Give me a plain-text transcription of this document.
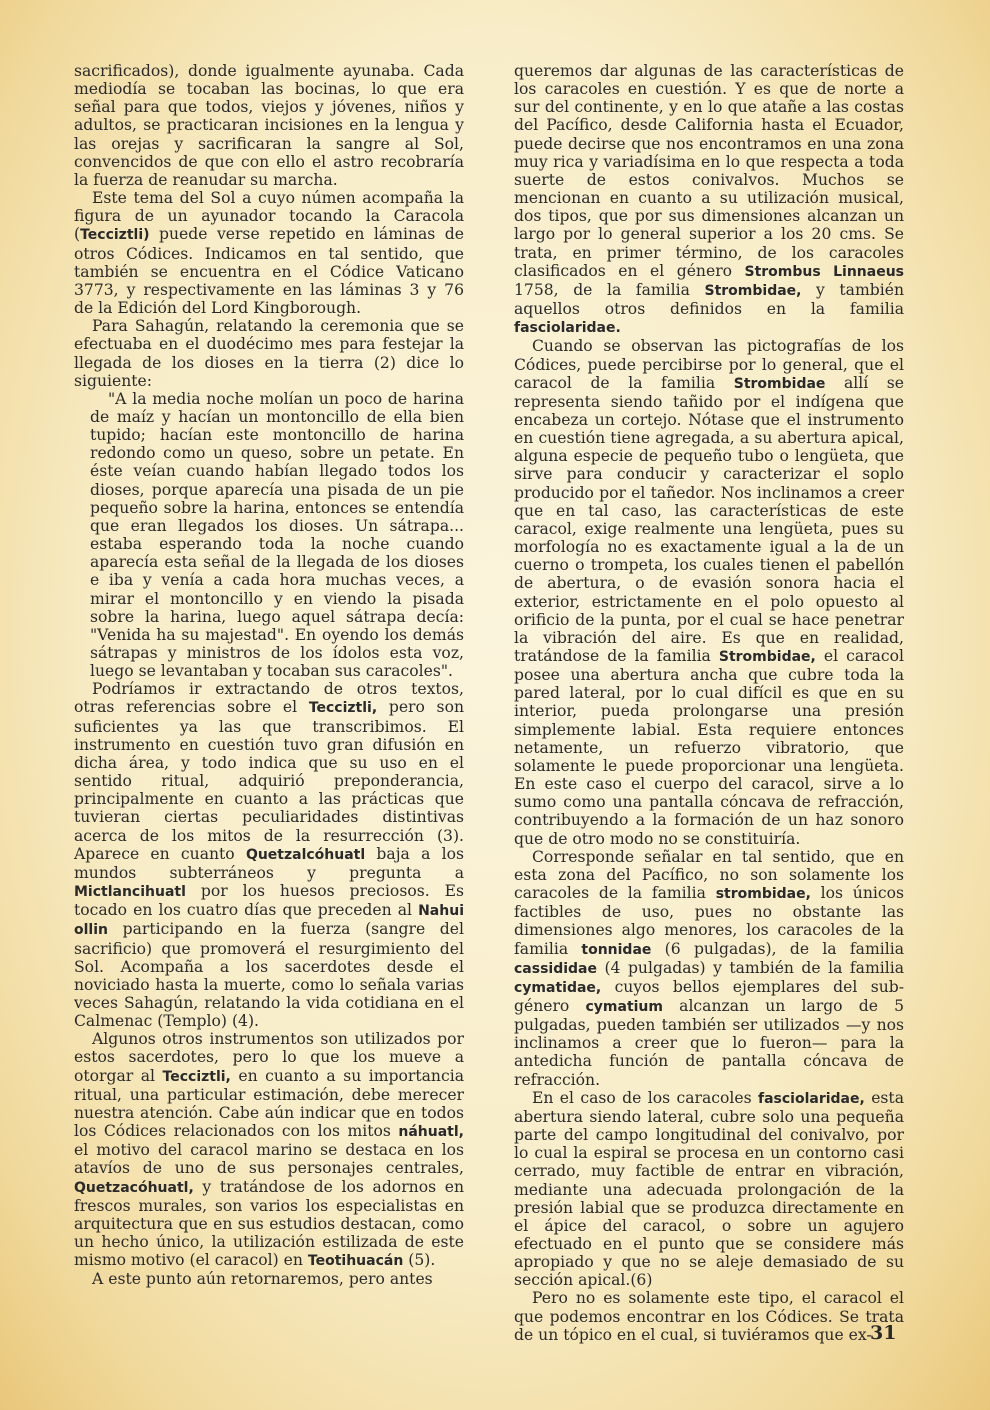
sacrificados), donde igualmente ayunaba. Cada mediodía se tocaban las bocinas, lo que era señal para que todos, viejos y jóvenes, niños y adultos, se practicaran incisiones en la lengua y las orejas y sacrificaran la sangre al Sol, convencidos de que con ello el astro recobraría la fuerza de reanudar su marcha.

Este tema del Sol a cuyo númen acompaña la figura de un ayunador tocando la Caracola (Tecciztli) puede verse repetido en láminas de otros Códices. Indicamos en tal sentido, que también se encuentra en el Códice Vaticano 3773, y respectivamente en las láminas 3 y 76 de la Edición del Lord Kingborough.

Para Sahagún, relatando la ceremonia que se efectuaba en el duodécimo mes para festejar la llegada de los dioses en la tierra (2) dice lo siguiente:

"A la media noche molían un poco de harina de maíz y hacían un montoncillo de ella bien tupido; hacían este montoncillo de harina redondo como un queso, sobre un petate. En éste veían cuando habían llegado todos los dioses, porque aparecía una pisada de un pie pequeño sobre la harina, entonces se entendía que eran llegados los dioses. Un sátrapa... estaba esperando toda la noche cuando aparecía esta señal de la llegada de los dioses e iba y venía a cada hora muchas veces, a mirar el montoncillo y en viendo la pisada sobre la harina, luego aquel sátrapa decía: "Venida ha su majestad". En oyendo los demás sátrapas y ministros de los ídolos esta voz, luego se levantaban y tocaban sus caracoles".

Podríamos ir extractando de otros textos, otras referencias sobre el Tecciztli, pero son suficientes ya las que transcribimos. El instrumento en cuestión tuvo gran difusión en dicha área, y todo indica que su uso en el sentido ritual, adquirió preponderancia, principalmente en cuanto a las prácticas que tuvieran ciertas peculiaridades distintivas acerca de los mitos de la resurrección (3). Aparece en cuanto Quetzalcóhuatl baja a los mundos subterráneos y pregunta a Mictlancihuatl por los huesos preciosos. Es tocado en los cuatro días que preceden al Nahui ollin participando en la fuerza (sangre del sacrificio) que promoverá el resurgimiento del Sol. Acompaña a los sacerdotes desde el noviciado hasta la muerte, como lo señala varias veces Sahagún, relatando la vida cotidiana en el Calmenac (Templo) (4).

Algunos otros instrumentos son utilizados por estos sacerdotes, pero lo que los mueve a otorgar al Tecciztli, en cuanto a su importancia ritual, una particular estimación, debe merecer nuestra atención. Cabe aún indicar que en todos los Códices relacionados con los mitos náhuatl, el motivo del caracol marino se destaca en los atavíos de uno de sus personajes centrales, Quetzacóhuatl, y tratándose de los adornos en frescos murales, son varios los especialistas en arquitectura que en sus estudios destacan, como un hecho único, la utilización estilizada de este mismo motivo (el caracol) en Teotihuacán (5).

A este punto aún retornaremos, pero antes

queremos dar algunas de las características de los caracoles en cuestión. Y es que de norte a sur del continente, y en lo que atañe a las costas del Pacífico, desde California hasta el Ecuador, puede decirse que nos encontramos en una zona muy rica y variadísima en lo que respecta a toda suerte de estos conivalvos. Muchos se mencionan en cuanto a su utilización musical, dos tipos, que por sus dimensiones alcanzan un largo por lo general superior a los 20 cms. Se trata, en primer término, de los caracoles clasificados en el género Strombus Linnaeus 1758, de la familia Strombidae, y también aquellos otros definidos en la familia fasciolaridae.

Cuando se observan las pictografías de los Códices, puede percibirse por lo general, que el caracol de la familia Strombidae allí se representa siendo tañido por el indígena que encabeza un cortejo. Nótase que el instrumento en cuestión tiene agregada, a su abertura apical, alguna especie de pequeño tubo o lengüeta, que sirve para conducir y caracterizar el soplo producido por el tañedor. Nos inclinamos a creer que en tal caso, las características de este caracol, exige realmente una lengüeta, pues su morfología no es exactamente igual a la de un cuerno o trompeta, los cuales tienen el pabellón de abertura, o de evasión sonora hacia el exterior, estrictamente en el polo opuesto al orificio de la punta, por el cual se hace penetrar la vibración del aire. Es que en realidad, tratándose de la familia Strombidae, el caracol posee una abertura ancha que cubre toda la pared lateral, por lo cual difícil es que en su interior, pueda prolongarse una presión simplemente labial. Esta requiere entonces netamente, un refuerzo vibratorio, que solamente le puede proporcionar una lengüeta. En este caso el cuerpo del caracol, sirve a lo sumo como una pantalla cóncava de refracción, contribuyendo a la formación de un haz sonoro que de otro modo no se constituiría.

Corresponde señalar en tal sentido, que en esta zona del Pacífico, no son solamente los caracoles de la familia strombidae, los únicos factibles de uso, pues no obstante las dimensiones algo menores, los caracoles de la familia tonnidae (6 pulgadas), de la familia cassididae (4 pulgadas) y también de la familia cymatidae, cuyos bellos ejemplares del sub-género cymatium alcanzan un largo de 5 pulgadas, pueden también ser utilizados —y nos inclinamos a creer que lo fueron— para la antedicha función de pantalla cóncava de refracción.

En el caso de los caracoles fasciolaridae, esta abertura siendo lateral, cubre solo una pequeña parte del campo longitudinal del conivalvo, por lo cual la espiral se procesa en un contorno casi cerrado, muy factible de entrar en vibración, mediante una adecuada prolongación de la presión labial que se produzca directamente en el ápice del caracol, o sobre un agujero efectuado en el punto que se considere más apropiado y que no se aleje demasiado de su sección apical.(6)

Pero no es solamente este tipo, el caracol el que podemos encontrar en los Códices. Se trata de un tópico en el cual, si tuviéramos que ex-

31
